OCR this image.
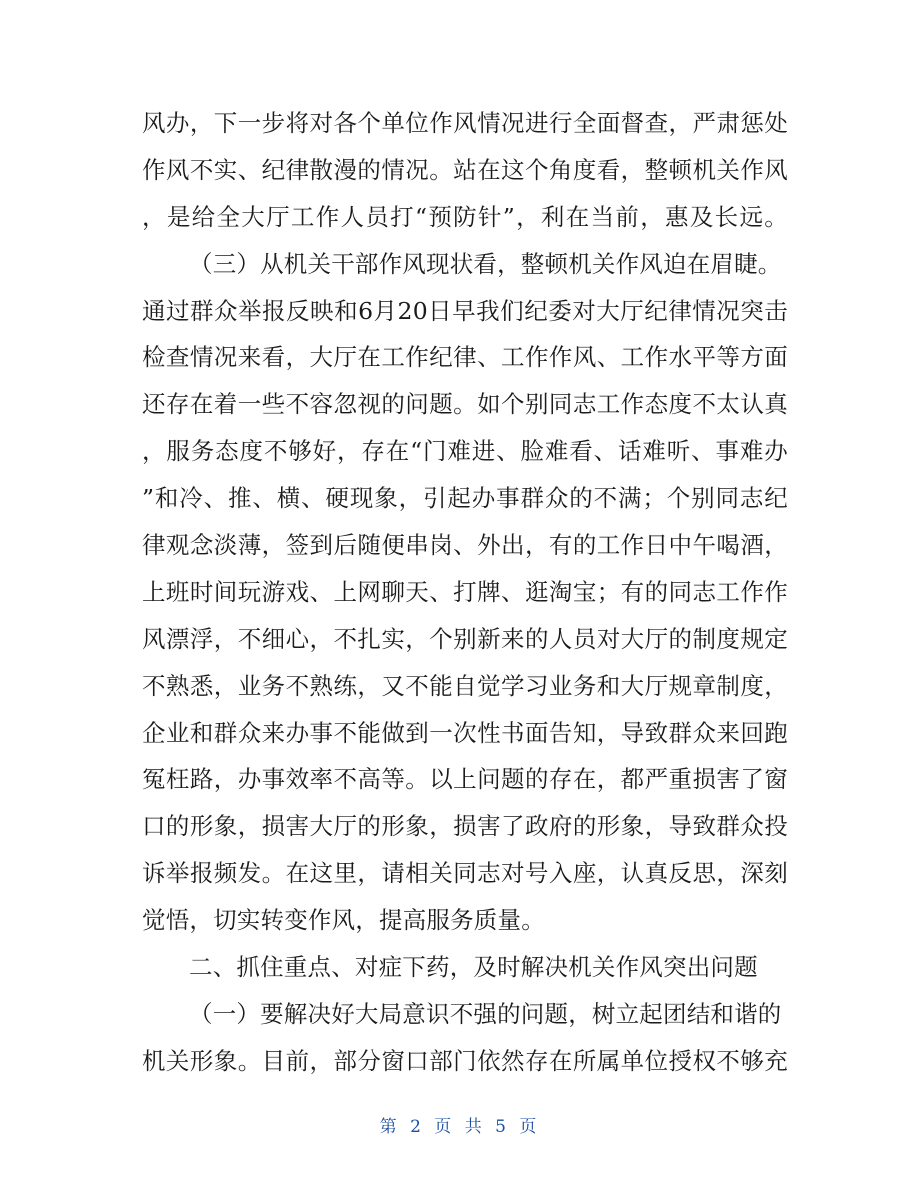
风办，下一步将对各个单位作风情况进行全面督查，严肃惩处
作风不实、纪律散漫的情况。站在这个角度看，整顿机关作风
，是给全大厅工作人员打“预防针”，利在当前，惠及长远。
（三）从机关干部作风现状看，整顿机关作风迫在眉睫。
通过群众举报反映和6月20日早我们纪委对大厅纪律情况突击
检查情况来看，大厅在工作纪律、工作作风、工作水平等方面
还存在着一些不容忽视的问题。如个别同志工作态度不太认真
，服务态度不够好，存在“门难进、脸难看、话难听、事难办
”和冷、推、横、硬现象，引起办事群众的不满；个别同志纪
律观念淡薄，签到后随便串岗、外出，有的工作日中午喝酒，
上班时间玩游戏、上网聊天、打牌、逛淘宝；有的同志工作作
风漂浮，不细心，不扎实，个别新来的人员对大厅的制度规定
不熟悉，业务不熟练，又不能自觉学习业务和大厅规章制度，
企业和群众来办事不能做到一次性书面告知，导致群众来回跑
冤枉路，办事效率不高等。以上问题的存在，都严重损害了窗
口的形象，损害大厅的形象，损害了政府的形象，导致群众投
诉举报频发。在这里，请相关同志对号入座，认真反思，深刻
觉悟，切实转变作风，提高服务质量。
二、抓住重点、对症下药，及时解决机关作风突出问题
（一）要解决好大局意识不强的问题，树立起团结和谐的
机关形象。目前，部分窗口部门依然存在所属单位授权不够充
第 2 页 共 5 页
